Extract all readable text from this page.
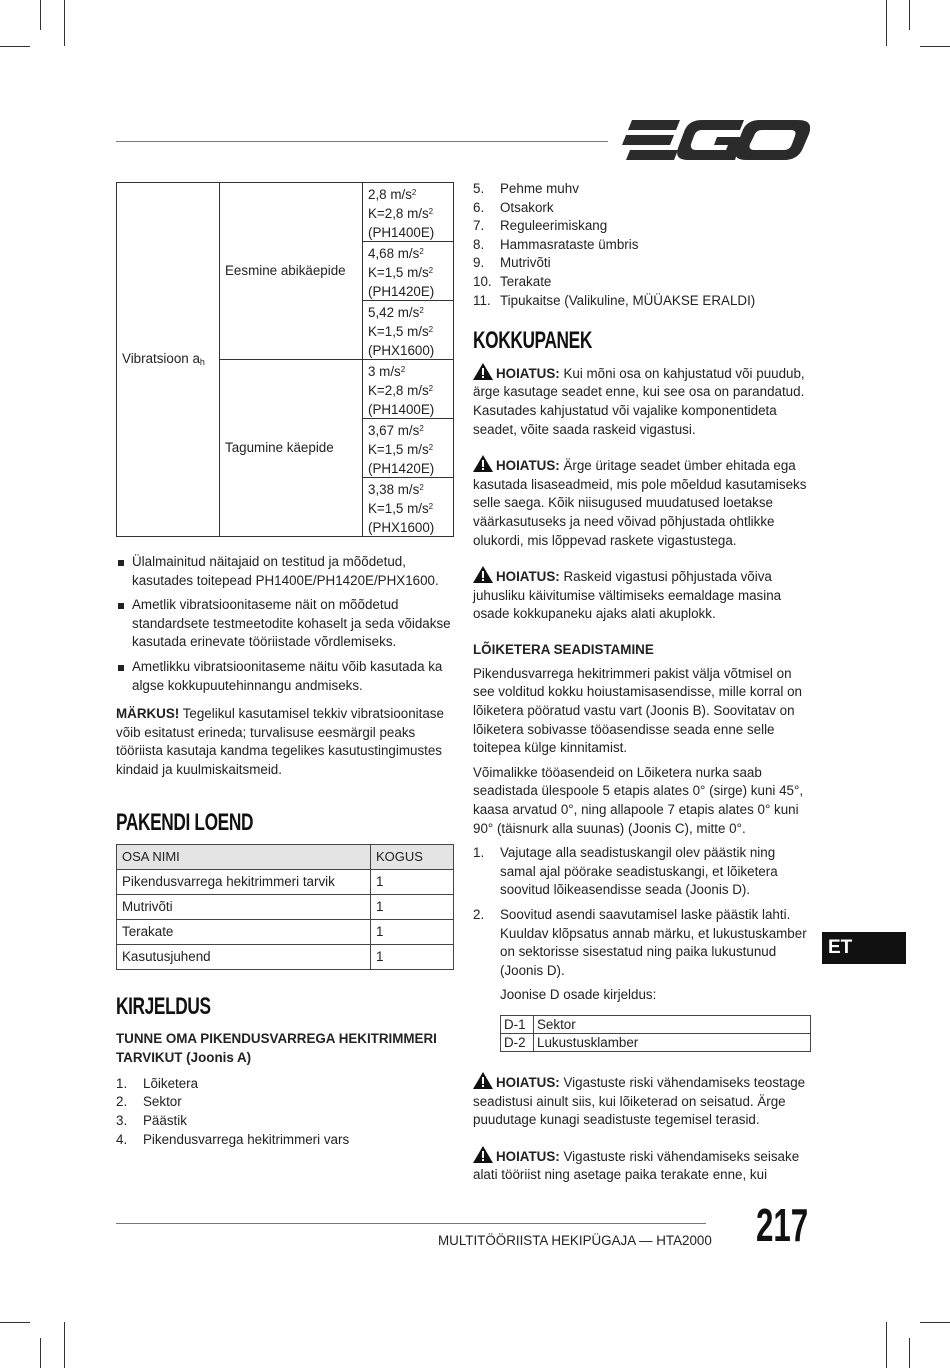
Vibratsioon $a_h$	Eesmine abikäepide	2,8 $m/s^2$
K=2,8 $m/s^2$
(PH1400E)

		4,68 $m/s^2$
K=1,5 $m/s^2$
(PH1420E)

		5,42 $m/s^2$
K=1,5 $m/s^2$
(PHX1600)

	Tagumine käepide	3 $m/s^2$
K=2,8 $m/s^2$
(PH1400E)

		3,67 $m/s^2$
K=1,5 $m/s^2$
(PH1420E)

		3,38 $m/s^2$
K=1,5 $m/s^2$
(PHX1600)
Ülalmainitud näitajaid on testitud ja mõõdetud, kasutades toitepead PH1400E/PH1420E/PHX1600.
Ametlik vibratsioonitaseme näit on mõõdetud standardsete testmeetodite kohaselt ja seda võidakse kasutada erinevate tööriistade võrdlemiseks.
Ametlikku vibratsioonitaseme näitu võib kasutada ka algse kokkupuutehinnangu andmiseks.

MÄRKUS! Tegelikul kasutamisel tekkiv vibratsioonitase võib esitatust erineda; turvalisuse eesmärgil peaks tööriista kasutaja kandma tegelikes kasutustingimustes kindaid ja kuulmiskaitsmeid.

PAKENDI LOEND
OSA NIMI	KOGUS
Pikendusvarrega hekitrimmeri tarvik	1
Mutrivõti	1
Terakate	1
Kasutusjuhend	1
KIRJELDUS
TUNNE OMA PIKENDUSVARREGA HEKITRIMMERI TARVIKUT (Joonis A)
1. Lõiketera
2. Sektor
3. Päästik
4. Pikendusvarrega hekitrimmeri vars
5. Pehme muhv
6. Otsakork
7. Reguleerimiskang
8. Hammasrataste ümbris
9. Mutrivõti
10. Terakate
11. Tipukaitse (Valikuline, MÜÜAKSE ERALDI)
KOKKUPANEK

HOIATUS: Kui mõni osa on kahjustatud või puudub, ärge kasutage seadet enne, kui see osa on parandatud. Kasutades kahjustatud või vajalike komponentideta seadet, võite saada raskeid vigastusi.

HOIATUS: Ärge üritage seadet ümber ehitada ega kasutada lisaseadmeid, mis pole mõeldud kasutamiseks selle saega. Kõik niisugused muudatused loetakse väärkasutuseks ja need võivad põhjustada ohtlikke olukordi, mis lõppevad raskete vigastustega.

HOIATUS: Raskeid vigastusi põhjustada võiva juhusliku käivitumise vältimiseks eemaldage masina osade kokkupaneku ajaks alati akuplokk.

LÕIKETERA SEADISTAMINE

Pikendusvarrega hekitrimmeri pakist välja võtmisel on see volditud kokku hoiustamisasendisse, mille korral on lõiketera pööratud vastu vart (Joonis B). Soovitatav on lõiketera sobivasse tööasendisse seada enne selle toitepea külge kinnitamist.

Võimalikke tööasendeid on Lõiketera nurka saab seadistada ülespoole 5 etapis alates 0° (sirge) kuni 45°, kaasa arvatud 0°, ning allapoole 7 etapis alates 0° kuni 90° (täisnurk alla suunas) (Joonis C), mitte 0°.

1. Vajutage alla seadistuskangil olev päästik ning samal ajal pöörake seadistuskangi, et lõiketera soovitud lõikeasendisse seada (Joonis D).
2. Soovitud asendi saavutamisel laske päästik lahti. Kuuldav klõpsatus annab märku, et lukustuskamber on sektorisse sisestatud ning paika lukustunud (Joonis D).

Joonise D osade kirjeldus:

D-1	Sektor
D-2	Lukustusklamber

HOIATUS: Vigastuste riski vähendamiseks teostage seadistusi ainult siis, kui lõiketerad on seisatud. Ärge puudutage kunagi seadistuste tegemisel terasid.

HOIATUS: Vigastuste riski vähendamiseks seisake alati tööriist ning asetage paika terakate enne, kui

ET
MULTITÖÖRIISTA HEKIPÜGAJA — HTA2000 217
